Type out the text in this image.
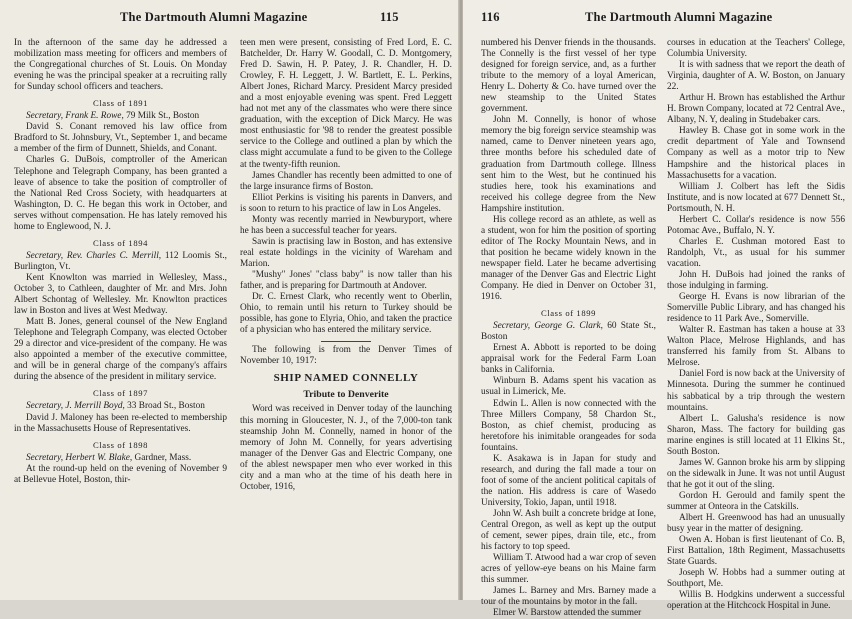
The Dartmouth Alumni Magazine	115

In the afternoon of the same day he addressed a mobilization mass meeting for officers and members of the Congregational churches of St. Louis. On Monday evening he was the principal speaker at a recruiting rally for Sunday school officers and teachers.

Class of 1891

Secretary, Frank E. Rowe, 79 Milk St., Boston

David S. Conant removed his law office from Bradford to St. Johnsbury, Vt., September 1, and became a member of the firm of Dunnett, Shields, and Conant.

Charles G. DuBois, comptroller of the American Telephone and Telegraph Company, has been granted a leave of absence to take the position of comptroller of the National Red Cross Society, with headquarters at Washington, D. C. He began this work in October, and serves without compensation. He has lately removed his home to Englewood, N. J.

Class of 1894

Secretary, Rev. Charles C. Merrill, 112 Loomis St., Burlington, Vt.

Kent Knowlton was married in Wellesley, Mass., October 3, to Cathleen, daughter of Mr. and Mrs. John Albert Schontag of Wellesley. Mr. Knowlton practices law in Boston and lives at West Medway.

Matt B. Jones, general counsel of the New England Telephone and Telegraph Company, was elected October 29 a director and vice-president of the company. He was also appointed a member of the executive committee, and will be in general charge of the company's affairs during the absence of the president in military service.

Class of 1897

Secretary, J. Merrill Boyd, 33 Broad St., Boston

David J. Maloney has been re-elected to membership in the Massachusetts House of Representatives.

Class of 1898

Secretary, Herbert W. Blake, Gardner, Mass.

At the round-up held on the evening of November 9 at Bellevue Hotel, Boston, thir-

teen men were present, consisting of Fred Lord, E. C. Batchelder, Dr. Harry W. Goodall, C. D. Montgomery, Fred D. Sawin, H. P. Patey, J. R. Chandler, H. D. Crowley, F. H. Leggett, J. W. Bartlett, E. L. Perkins, Albert Jones, Richard Marcy. President Marcy presided and a most enjoyable evening was spent. Fred Leggett had not met any of the classmates who were there since graduation, with the exception of Dick Marcy. He was most enthusiastic for '98 to render the greatest possible service to the College and outlined a plan by which the class might accumulate a fund to be given to the College at the twenty-fifth reunion.

James Chandler has recently been admitted to one of the large insurance firms of Boston.

Elliot Perkins is visiting his parents in Danvers, and is soon to return to his practice of law in Los Angeles.

Monty was recently married in Newburyport, where he has been a successful teacher for years.

Sawin is practising law in Boston, and has extensive real estate holdings in the vicinity of Wareham and Marion.

"Mushy" Jones' "class baby" is now taller than his father, and is preparing for Dartmouth at Andover.

Dr. C. Ernest Clark, who recently went to Oberlin, Ohio, to remain until his return to Turkey should be possible, has gone to Elyria, Ohio, and taken the practice of a physician who has entered the military service.

The following is from the Denver Times of November 10, 1917:

SHIP NAMED CONNELLY
Tribute to Denverite

Word was received in Denver today of the launching this morning in Gloucester, N. J., of the 7,000-ton tank steamship John M. Connelly, named in honor of the memory of John M. Connelly, for years advertising manager of the Denver Gas and Electric Company, one of the ablest newspaper men who ever worked in this city and a man who at the time of his death here in October, 1916,

116	The Dartmouth Alumni Magazine

numbered his Denver friends in the thousands. The Connelly is the first vessel of her type designed for foreign service, and, as a further tribute to the memory of a loyal American, Henry L. Doherty & Co. have turned over the new steamship to the United States government.

John M. Connelly, is honor of whose memory the big foreign service steamship was named, came to Denver nineteen years ago, three months before his scheduled date of graduation from Dartmouth college. Illness sent him to the West, but he continued his studies here, took his examinations and received his college degree from the New Hampshire institution.

His college record as an athlete, as well as a student, won for him the position of sporting editor of The Rocky Mountain News, and in that position he became widely known in the newspaper field. Later he became advertising manager of the Denver Gas and Electric Light Company. He died in Denver on October 31, 1916.

Class of 1899

Secretary, George G. Clark, 60 State St., Boston

Ernest A. Abbott is reported to be doing appraisal work for the Federal Farm Loan banks in California.

Winburn B. Adams spent his vacation as usual in Limerick, Me.

Edwin L. Allen is now connected with the Three Millers Company, 58 Chardon St., Boston, as chief chemist, producing as heretofore his inimitable orangeades for soda fountains.

K. Asakawa is in Japan for study and research, and during the fall made a tour on foot of some of the ancient political capitals of the nation. His address is care of Wasedo University, Tokio, Japan, until 1918.

John W. Ash built a concrete bridge at Ione, Central Oregon, as well as kept up the output of cement, sewer pipes, drain tile, etc., from his factory to top speed.

William T. Atwood had a war crop of seven acres of yellow-eye beans on his Maine farm this summer.

James L. Barney and Mrs. Barney made a tour of the mountains by motor in the fall.

Elmer W. Barstow attended the summer

courses in education at the Teachers' College, Columbia University.

It is with sadness that we report the death of Virginia, daughter of A. W. Boston, on January 22.

Arthur H. Brown has established the Arthur H. Brown Company, located at 72 Central Ave., Albany, N. Y, dealing in Studebaker cars.

Hawley B. Chase got in some work in the credit department of Yale and Townsend Company as well as a motor trip to New Hampshire and the historical places in Massachusetts for a vacation.

William J. Colbert has left the Sidis Institute, and is now located at 677 Dennett St., Portsmouth, N. H.

Herbert C. Collar's residence is now 556 Potomac Ave., Buffalo, N. Y.

Charles E. Cushman motored East to Randolph, Vt., as usual for his summer vacation.

John H. DuBois had joined the ranks of those indulging in farming.

George H. Evans is now librarian of the Somerville Public Library, and has changed his residence to 11 Park Ave., Somerville.

Walter R. Eastman has taken a house at 33 Walton Place, Melrose Highlands, and has transferred his family from St. Albans to Melrose.

Daniel Ford is now back at the University of Minnesota. During the summer he continued his sabbatical by a trip through the western mountains.

Albert L. Galusha's residence is now Sharon, Mass. The factory for building gas marine engines is still located at 11 Elkins St., South Boston.

James W. Gannon broke his arm by slipping on the sidewalk in June. It was not until August that he got it out of the sling.

Gordon H. Gerould and family spent the summer at Onteora in the Catskills.

Albert H. Greenwood has had an unusually busy year in the matter of designing.

Owen A. Hoban is first lieutenant of Co. B, First Battalion, 18th Regiment, Massachusetts State Guards.

Joseph W. Hobbs had a summer outing at Southport, Me.

Willis B. Hodgkins underwent a successful operation at the Hitchcock Hospital in June.
